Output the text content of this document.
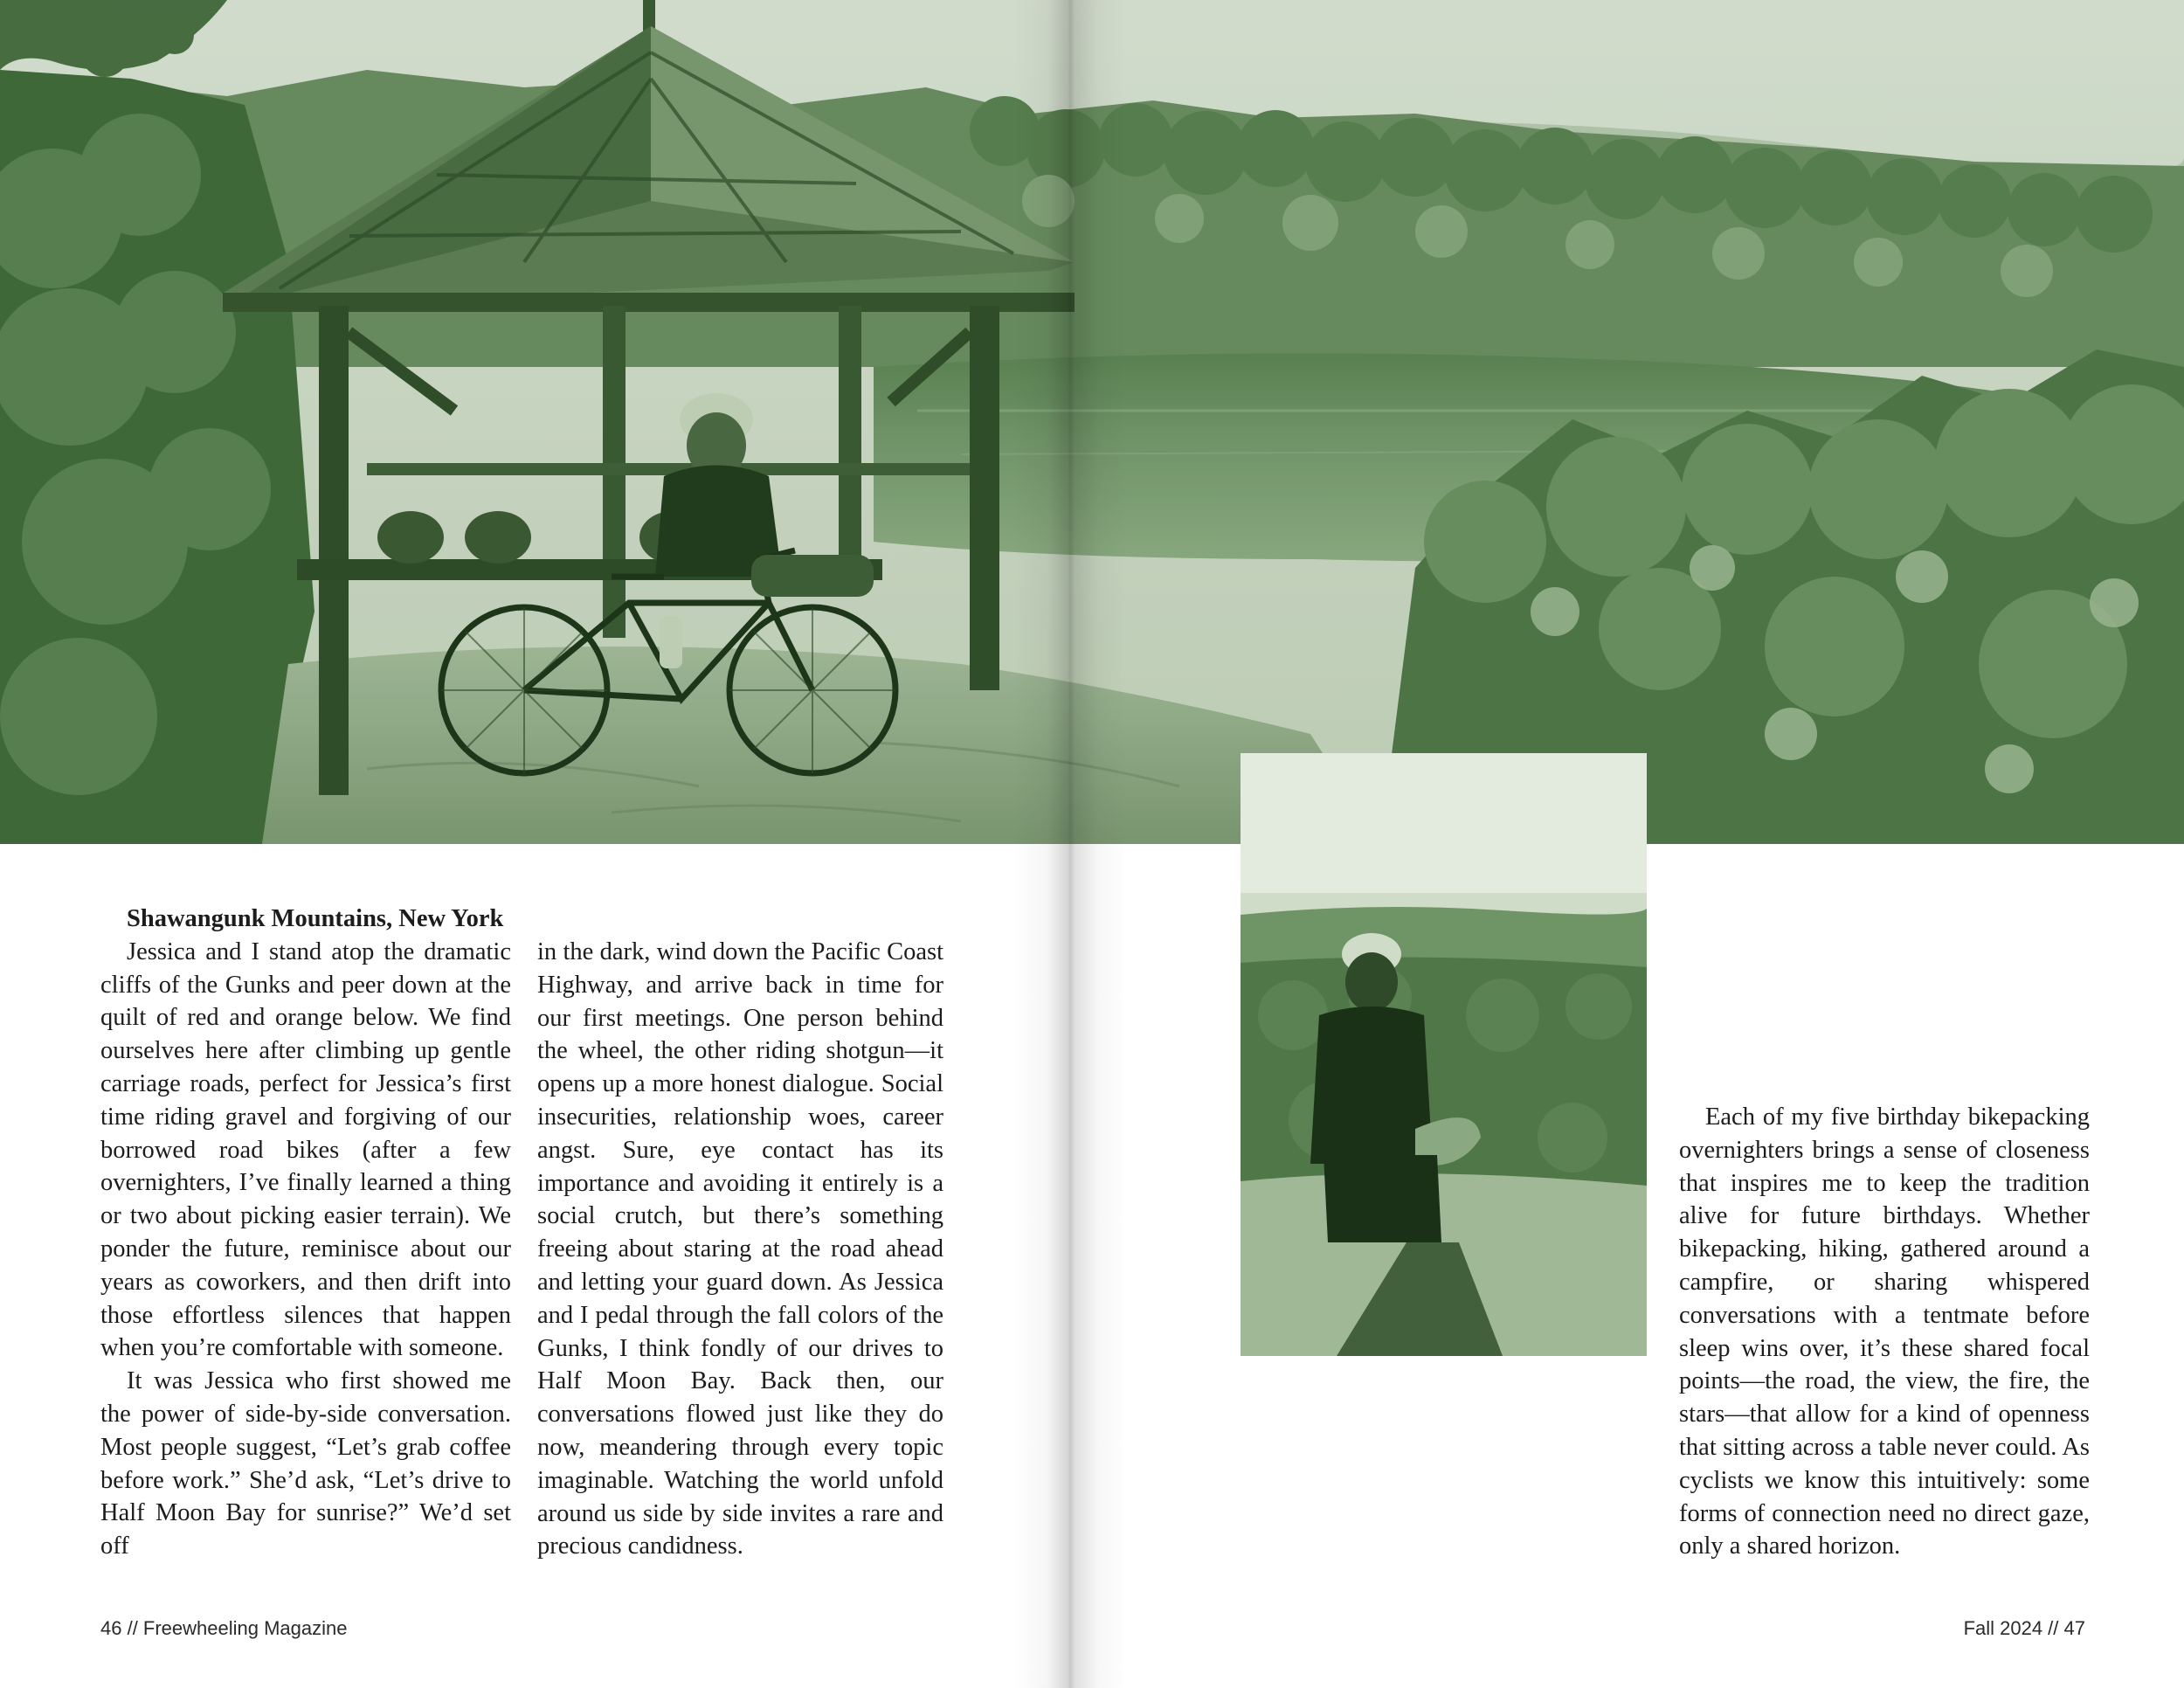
Shawangunk Mountains, New York

Jessica and I stand atop the dramatic cliffs of the Gunks and peer down at the quilt of red and orange below. We find ourselves here after climbing up gentle carriage roads, perfect for Jessica’s first time riding gravel and forgiving of our borrowed road bikes (after a few overnighters, I’ve finally learned a thing or two about picking easier terrain). We ponder the future, reminisce about our years as coworkers, and then drift into those effortless silences that happen when you’re comfortable with someone.

It was Jessica who first showed me the power of side-by-side conversation. Most people suggest, “Let’s grab coffee before work.” She’d ask, “Let’s drive to Half Moon Bay for sunrise?” We’d set off

in the dark, wind down the Pacific Coast Highway, and arrive back in time for our first meetings. One person behind the wheel, the other riding shotgun—it opens up a more honest dialogue. Social insecurities, relationship woes, career angst. Sure, eye contact has its importance and avoiding it entirely is a social crutch, but there’s something freeing about staring at the road ahead and letting your guard down. As Jessica and I pedal through the fall colors of the Gunks, I think fondly of our drives to Half Moon Bay. Back then, our conversations flowed just like they do now, meandering through every topic imaginable. Watching the world unfold around us side by side invites a rare and precious candidness.

Each of my five birthday bikepacking overnighters brings a sense of closeness that inspires me to keep the tradition alive for future birthdays. Whether bikepacking, hiking, gathered around a campfire, or sharing whispered conversations with a tentmate before sleep wins over, it’s these shared focal points—the road, the view, the fire, the stars—that allow for a kind of openness that sitting across a table never could. As cyclists we know this intuitively: some forms of connection need no direct gaze, only a shared horizon.

46 // Freewheeling Magazine	Fall 2024 // 47
